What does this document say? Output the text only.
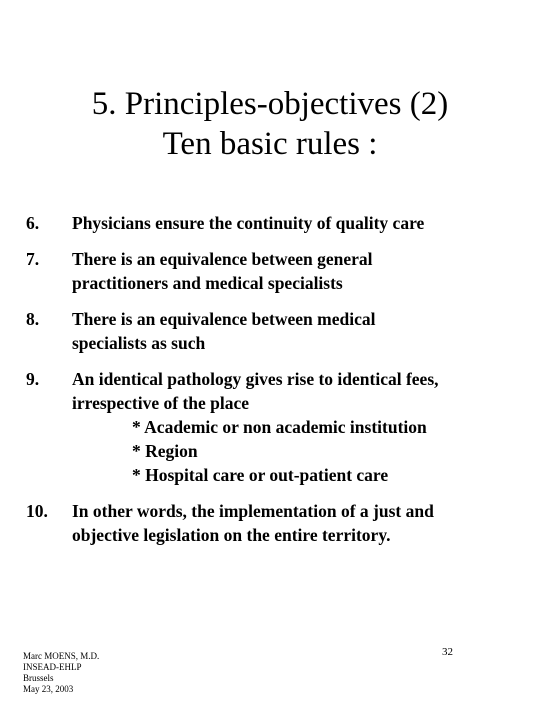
5. Principles-objectives (2)
Ten basic rules :
6. Physicians ensure the continuity of quality care
7. There is an equivalence between general
practitioners and medical specialists
8. There is an equivalence between medical
specialists as such
9. An identical pathology gives rise to identical fees,
irrespective of the place
* Academic or non academic institution
* Region
* Hospital care or out-patient care
10. In other words, the implementation of a just and
objective legislation on the entire territory.
Marc MOENS, M.D.
INSEAD-EHLP
Brussels
May 23, 2003
32
